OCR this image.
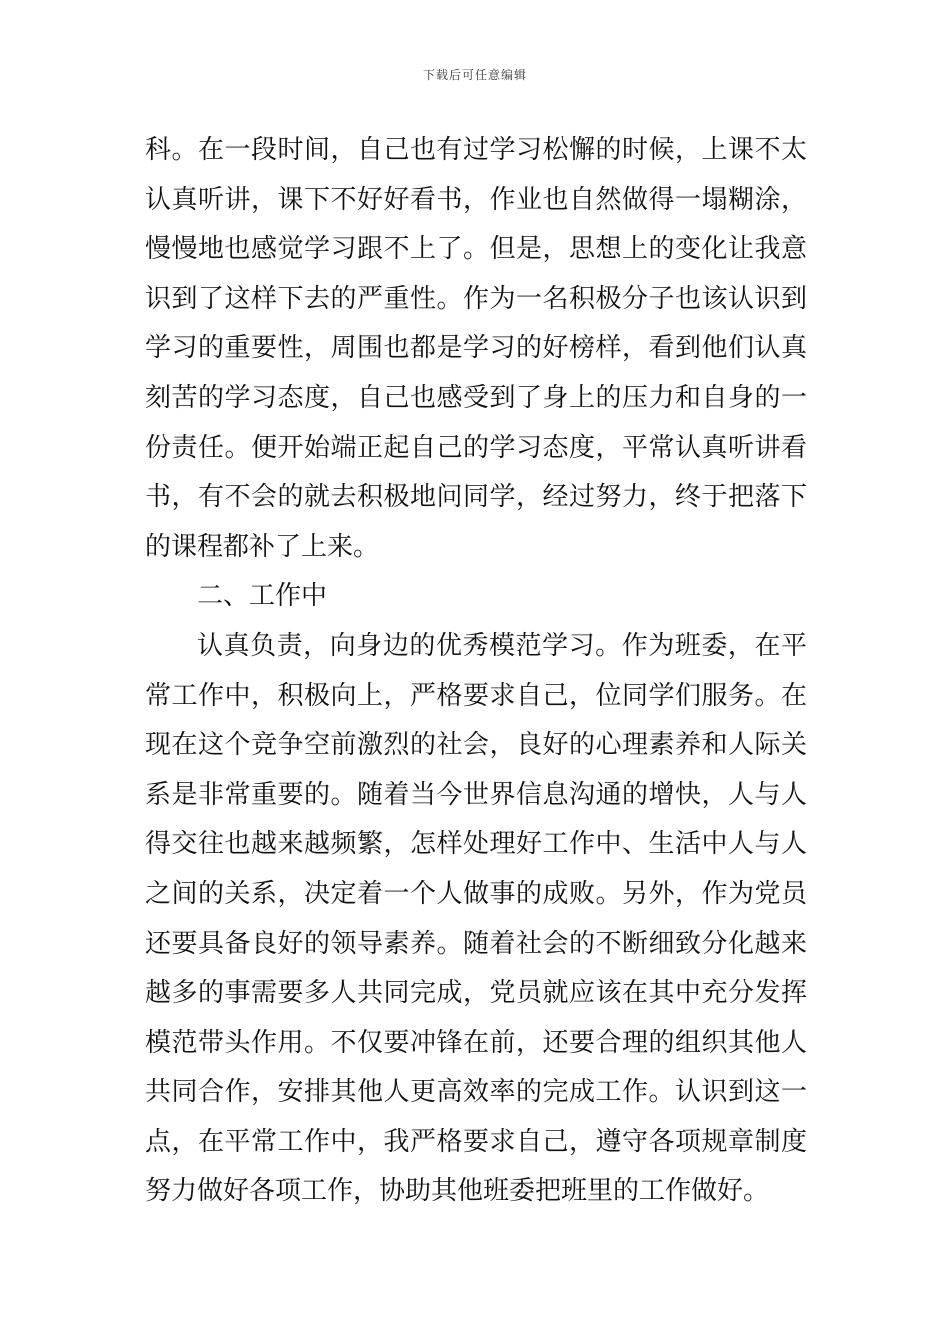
下载后可任意编辑
科。在一段时间，自己也有过学习松懈的时候，上课不太
认真听讲，课下不好好看书，作业也自然做得一塌糊涂，
慢慢地也感觉学习跟不上了。但是，思想上的变化让我意
识到了这样下去的严重性。作为一名积极分子也该认识到
学习的重要性，周围也都是学习的好榜样，看到他们认真
刻苦的学习态度，自己也感受到了身上的压力和自身的一
份责任。便开始端正起自己的学习态度，平常认真听讲看
书，有不会的就去积极地问同学，经过努力，终于把落下
的课程都补了上来。
二、工作中
认真负责，向身边的优秀模范学习。作为班委，在平
常工作中，积极向上，严格要求自己，位同学们服务。在
现在这个竞争空前激烈的社会，良好的心理素养和人际关
系是非常重要的。随着当今世界信息沟通的增快，人与人
得交往也越来越频繁，怎样处理好工作中、生活中人与人
之间的关系，决定着一个人做事的成败。另外，作为党员
还要具备良好的领导素养。随着社会的不断细致分化越来
越多的事需要多人共同完成，党员就应该在其中充分发挥
模范带头作用。不仅要冲锋在前，还要合理的组织其他人
共同合作，安排其他人更高效率的完成工作。认识到这一
点，在平常工作中，我严格要求自己，遵守各项规章制度
努力做好各项工作，协助其他班委把班里的工作做好。
